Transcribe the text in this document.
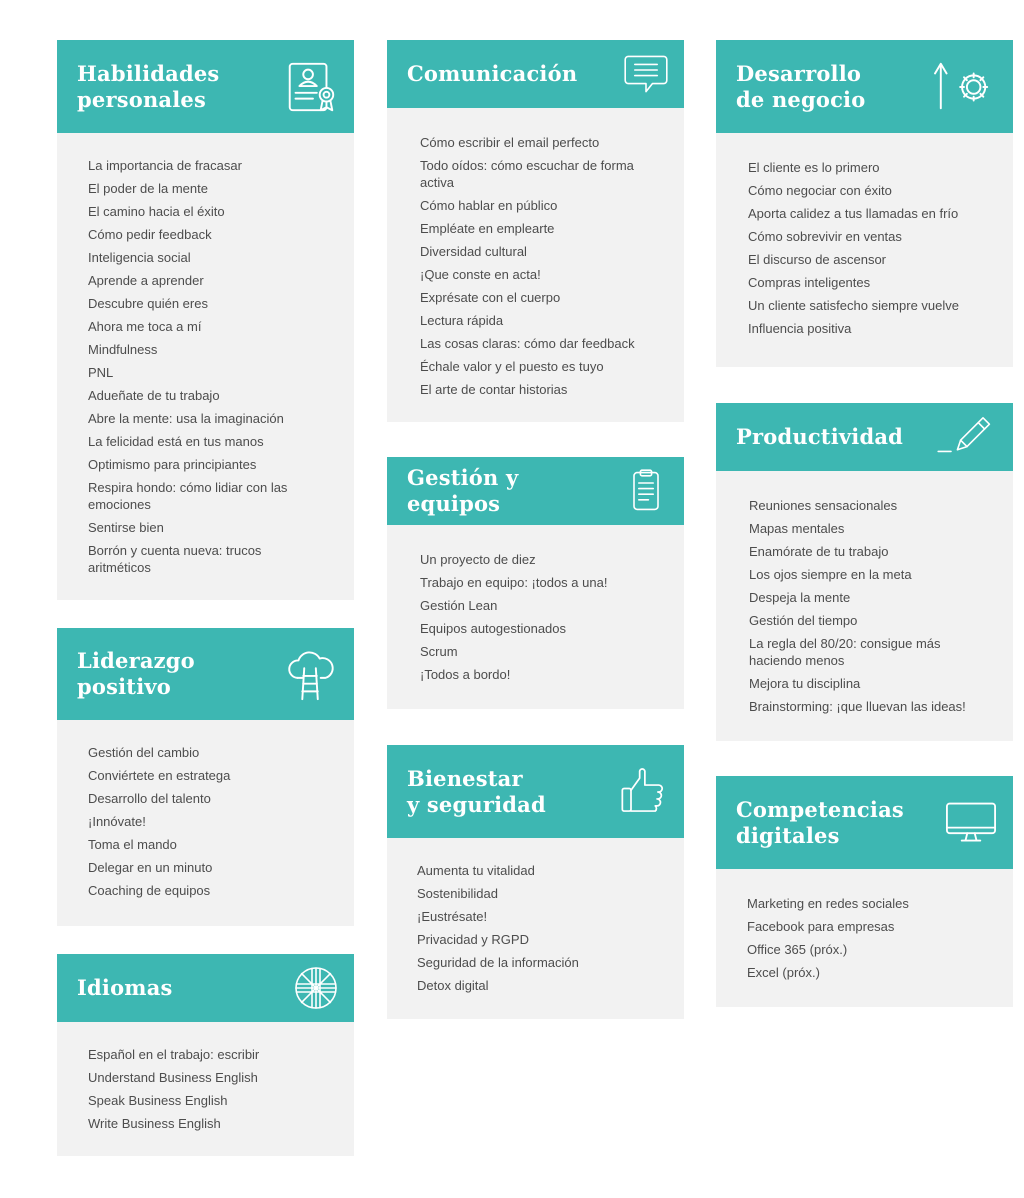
Habilidades
personales
La importancia de fracasar
El poder de la mente
El camino hacia el éxito
Cómo pedir feedback
Inteligencia social
Aprende a aprender
Descubre quién eres
Ahora me toca a mí
Mindfulness
PNL
Adueñate de tu trabajo
Abre la mente: usa la imaginación
La felicidad está en tus manos
Optimismo para principiantes
Respira hondo: cómo lidiar con las emociones
Sentirse bien
Borrón y cuenta nueva: trucos aritméticos
Liderazgo
positivo
Gestión del cambio
Conviértete en estratega
Desarrollo del talento
¡Innóvate!
Toma el mando
Delegar en un minuto
Coaching de equipos
Idiomas
Español en el trabajo: escribir
Understand Business English
Speak Business English
Write Business English
Comunicación
Cómo escribir el email perfecto
Todo oídos: cómo escuchar de forma activa
Cómo hablar en público
Empléate en emplearte
Diversidad cultural
¡Que conste en acta!
Exprésate con el cuerpo
Lectura rápida
Las cosas claras: cómo dar feedback
Échale valor y el puesto es tuyo
El arte de contar historias
Gestión y equipos
Un proyecto de diez
Trabajo en equipo: ¡todos a una!
Gestión Lean
Equipos autogestionados
Scrum
¡Todos a bordo!
Bienestar
y seguridad
Aumenta tu vitalidad
Sostenibilidad
¡Eustrésate!
Privacidad y RGPD
Seguridad de la información
Detox digital
Desarrollo
de negocio
El cliente es lo primero
Cómo negociar con éxito
Aporta calidez a tus llamadas en frío
Cómo sobrevivir en ventas
El discurso de ascensor
Compras inteligentes
Un cliente satisfecho siempre vuelve
Influencia positiva
Productividad
Reuniones sensacionales
Mapas mentales
Enamórate de tu trabajo
Los ojos siempre en la meta
Despeja la mente
Gestión del tiempo
La regla del 80/20: consigue más haciendo menos
Mejora tu disciplina
Brainstorming: ¡que lluevan las ideas!
Competencias
digitales
Marketing en redes sociales
Facebook para empresas
Office 365 (próx.)
Excel (próx.)
